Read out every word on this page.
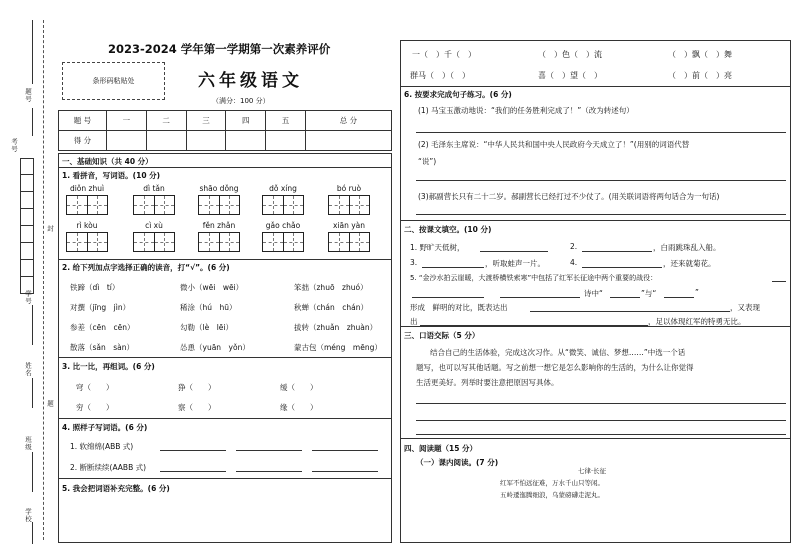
题号
考号
封
学号
姓名
题
班级
学校
2023-2024 学年第一学期第一次素养评价
条形码粘贴处	六年级语文
（满分：100 分）
题 号	一	二	三	四	五	总 分
得 分						
一、基础知识（共 40 分）
1. 看拼音，写词语。(10 分)
diǒn zhuì	dì tǎn	shāo dǒng	dǒ xíng	bó ruò
rì kòu	cì xù	fěn zhǎn	gǎo chǎo	xiān yàn
2. 给下列加点字选择正确的读音，打“√”。(6 分)
铁蹄（dì　tí）	微小（wēi　wēi）	笨拙（zhuō　zhuó）
对撰（jīng　jìn）	稀涂（hú　hū）	秋蝉（chán　chán）
参差（cēn　cēn）	勾勒（lè　lēi）	拔转（zhuǎn　zhuàn）
散落（sǎn　sàn）	怂恿（yuān　yǒn）	蒙古包（méng　mēng）
3. 比一比，再组词。(6 分)
穹（　　）	狰（　　）	缓（　　）
穷（　　）	察（　　）	缘（　　）
4. 照样子写词语。(6 分)
1. 软绵绵(ABB 式)
2. 断断续续(AABB 式)
5. 我会把词语补充完整。(6 分)
一（　）千（　）	（　）色（　）流	（　）飘（　）舞
群马（　）（　）	喜（　）望（　）	（　）前（　）亮
6. 按要求完成句子练习。(6 分)
(1) 马宝玉激动地说：“我们的任务胜利完成了！”（改为转述句）
(2) 毛泽东主席说：“中华人民共和国中央人民政府今天成立了！”(用别的词语代替
“说”)
(3)郝副营长只有二十二岁。郝副营长已经打过不少仗了。(用关联词语将两句话合为一句话)
二、按课文填空。(10 分)
1. 野旷天低树，	2.	，白雨跳珠乱入船。
3.	，听取蛙声一片。	4.	，还来就菊花。
5. “金沙水拍云崖暖，大渡桥横铁索寒”中包括了红军长征途中两个重要的战役：
诗中“	”与“	”
形成　鲜明的对比，既表达出	，又表现
出	，足以体现红军的特勇无比。
三、口语交际（5 分）
结合自己的生活体验，完成这次习作。从“微笑、诚信、梦想……”中选一个话
题写，也可以写其他话题。写之前想一想它是怎么影响你的生活的，为什么让你觉得
生活更美好。列举时要注意把原因写具体。
四、阅读题（15 分）
（一）课内阅读。(7 分)
七律·长征
红军不怕远征难，万水千山只等闲。
五岭逶迤腾细浪，乌蒙磅礴走泥丸。
